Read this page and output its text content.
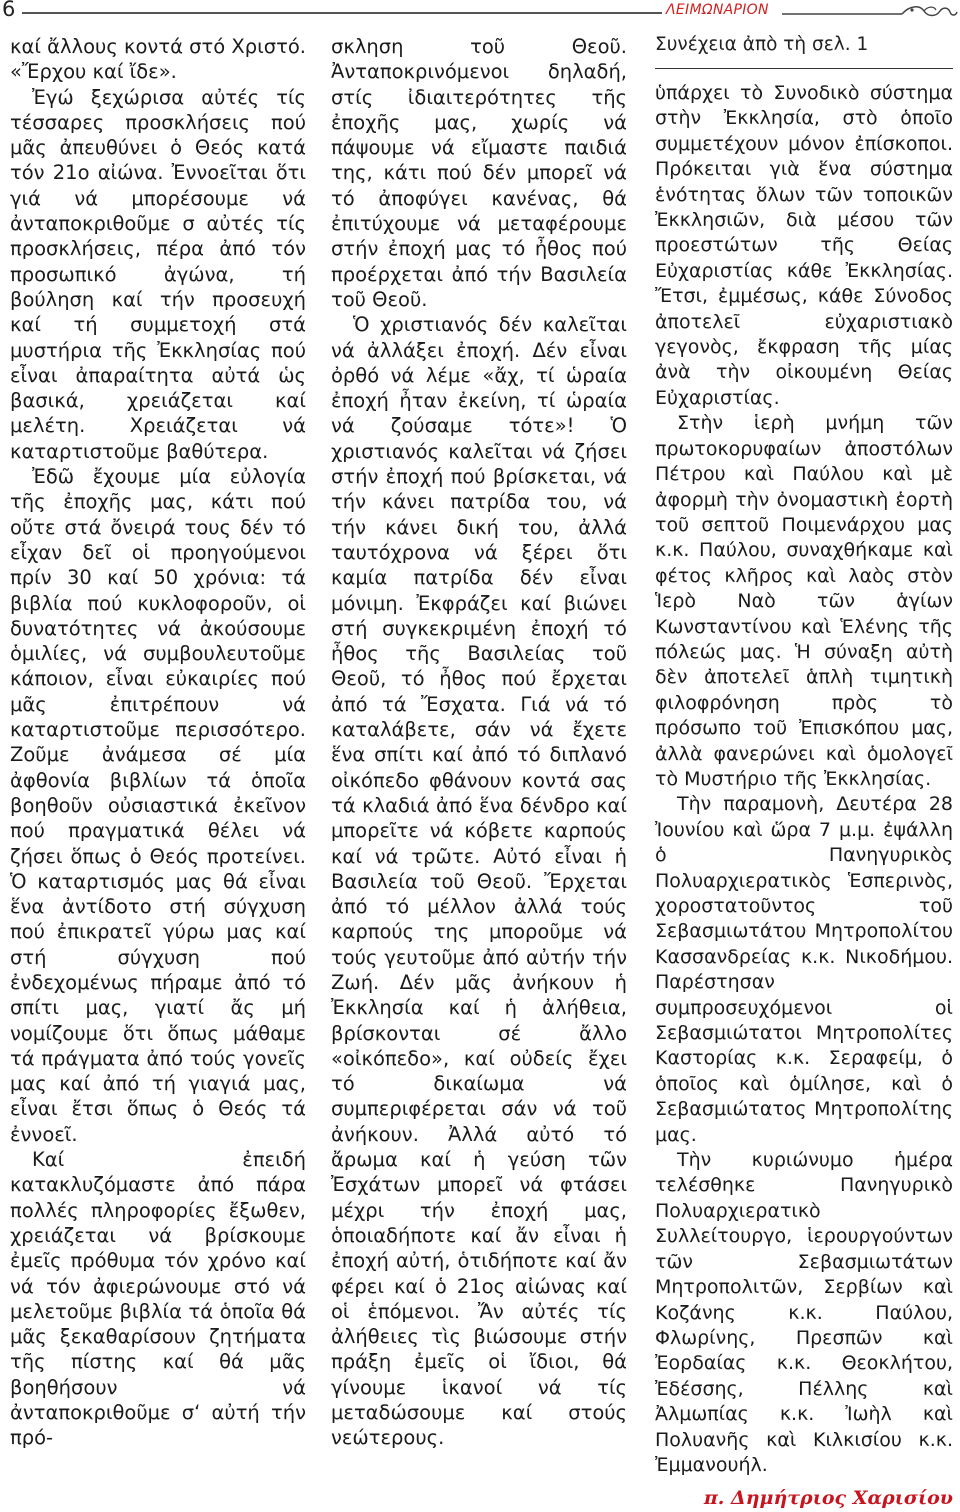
6	ΛΕΙΜΩΝΑΡΙΟΝ

καί ἄλλους κοντά στό Χριστό. «Ἔρχου καί ἴδε».

Ἐγώ ξεχώρισα αὐτές τίς τέσσαρες προσκλήσεις πού μᾶς ἀπευθύνει ὁ Θεός κατά τόν 21ο αἰώνα. Ἐννοεῖται ὅτι γιά νά μπορέσουμε νά ἀνταποκριθοῦμε σ αὐτές τίς προσκλήσεις, πέρα ἀπό τόν προσωπικό ἀγώνα, τή βούληση καί τήν προσευχή καί τή συμμετοχή στά μυστήρια τῆς Ἐκκλησίας πού εἶναι ἀπαραίτητα αὐτά ὡς βασικά, χρειάζεται καί μελέτη. Χρειάζεται νά καταρτιστοῦμε βαθύτερα.

Ἐδῶ ἔχουμε μία εὐλογία τῆς ἐποχῆς μας, κάτι πού οὔτε στά ὄνειρά τους δέν τό εἶχαν δεῖ οἱ προηγούμενοι πρίν 30 καί 50 χρόνια: τά βιβλία πού κυκλοφοροῦν, οἱ δυνατότητες νά ἀκούσουμε ὁμιλίες, νά συμβουλευτοῦμε κάποιον, εἶναι εὐκαιρίες πού μᾶς ἐπιτρέπουν νά καταρτιστοῦμε περισσότερο. Ζοῦμε ἀνάμεσα σέ μία ἀφθονία βιβλίων τά ὁποῖα βοηθοῦν οὐσιαστικά ἐκεῖνον πού πραγματικά θέλει νά ζήσει ὅπως ὁ Θεός προτείνει. Ὁ καταρτισμός μας θά εἶναι ἕνα ἀντίδοτο στή σύγχυση πού ἐπικρατεῖ γύρω μας καί στή σύγχυση πού ἐνδεχομένως πήραμε ἀπό τό σπίτι μας, γιατί ἄς μή νομίζουμε ὅτι ὅπως μάθαμε τά πράγματα ἀπό τούς γονεῖς μας καί ἀπό τή γιαγιά μας, εἶναι ἔτσι ὅπως ὁ Θεός τά ἐννοεῖ.

Καί ἐπειδή κατακλυζόμαστε ἀπό πάρα πολλές πληροφορίες ἔξωθεν, χρειάζεται νά βρίσκουμε ἐμεῖς πρόθυμα τόν χρόνο καί νά τόν ἀφιερώνουμε στό νά μελετοῦμε βιβλία τά ὁποῖα θά μᾶς ξεκαθαρίσουν ζητήματα τῆς πίστης καί θά μᾶς βοηθήσουν νά ἀνταποκριθοῦμε σ‘ αὐτή τήν πρό-

σκληση τοῦ Θεοῦ. Ἀνταποκρινόμενοι δηλαδή, στίς ἰδιαιτερότητες τῆς ἐποχῆς μας, χωρίς νά πάψουμε νά εἴμαστε παιδιά της, κάτι πού δέν μπορεῖ νά τό ἀποφύγει κανένας, θά ἐπιτύχουμε νά μεταφέρουμε στήν ἐποχή μας τό ἦθος πού προέρχεται ἀπό τήν Βασιλεία τοῦ Θεοῦ.

Ὁ χριστιανός δέν καλεῖται νά ἀλλάξει ἐποχή. Δέν εἶναι ὀρθό νά λέμε «ἄχ, τί ὡραία ἐποχή ἦταν ἐκείνη, τί ὡραία νά ζούσαμε τότε»! Ὁ χριστιανός καλεῖται νά ζήσει στήν ἐποχή πού βρίσκεται, νά τήν κάνει πατρίδα του, νά τήν κάνει δική του, ἀλλά ταυτόχρονα νά ξέρει ὅτι καμία πατρίδα δέν εἶναι μόνιμη. Ἐκφράζει καί βιώνει στή συγκεκριμένη ἐποχή τό ἦθος τῆς Βασιλείας τοῦ Θεοῦ, τό ἦθος πού ἔρχεται ἀπό τά Ἔσχατα. Γιά νά τό καταλάβετε, σάν νά ἔχετε ἕνα σπίτι καί ἀπό τό διπλανό οἰκόπεδο φθάνουν κοντά σας τά κλαδιά ἀπό ἕνα δένδρο καί μπορεῖτε νά κόβετε καρπούς καί νά τρῶτε. Αὐτό εἶναι ἡ Βασιλεία τοῦ Θεοῦ. Ἔρχεται ἀπό τό μέλλον ἀλλά τούς καρπούς της μποροῦμε νά τούς γευτοῦμε ἀπό αὐτήν τήν Ζωή. Δέν μᾶς ἀνήκουν ἡ Ἐκκλησία καί ἡ ἀλήθεια, βρίσκονται σέ ἄλλο «οἰκόπεδο», καί οὐδείς ἔχει τό δικαίωμα νά συμπεριφέρεται σάν νά τοῦ ἀνήκουν. Ἀλλά αὐτό τό ἄρωμα καί ἡ γεύση τῶν Ἐσχάτων μπορεῖ νά φτάσει μέχρι τήν ἐποχή μας, ὁποιαδήποτε καί ἄν εἶναι ἡ ἐποχή αὐτή, ὁτιδήποτε καί ἄν φέρει καί ὁ 21ος αἰώνας καί οἱ ἑπόμενοι. Ἄν αὐτές τίς ἀλήθειες τὶς βιώσουμε στήν πράξη ἐμεῖς οἱ ἴδιοι, θά γίνουμε ἱκανοί νά τίς μεταδώσουμε καί στούς νεώτερους.

Συνέχεια ἀπὸ τὴ σελ. 1

ὑπάρχει τὸ Συνοδικὸ σύστημα στὴν Ἐκκλησία, στὸ ὁποῖο συμμετέχουν μόνον ἐπίσκοποι. Πρόκειται γιὰ ἕνα σύστημα ἑνότητας ὅλων τῶν τοποικῶν Ἐκκλησιῶν, διὰ μέσου τῶν προεστώτων τῆς Θείας Εὐχαριστίας κάθε Ἐκκλησίας. Ἔτσι, ἐμμέσως, κάθε Σύνοδος ἀποτελεῖ εὐχαριστιακὸ γεγονὸς, ἔκφραση τῆς μίας ἀνὰ τὴν οἰκουμένη Θείας Εὐχαριστίας.

Στὴν ἱερὴ μνήμη τῶν πρωτοκορυφαίων ἀποστόλων Πέτρου καὶ Παύλου καὶ μὲ ἀφορμὴ τὴν ὀνομαστικὴ ἑορτὴ τοῦ σεπτοῦ Ποιμενάρχου μας κ.κ. Παύλου, συναχθήκαμε καὶ φέτος κλῆρος καὶ λαὸς στὸν Ἱερὸ Ναὸ τῶν ἁγίων Κωνσταντίνου καὶ Ἑλένης τῆς πόλεώς μας. Ἡ σύναξη αὐτὴ δὲν ἀποτελεῖ ἁπλὴ τιμητικὴ φιλοφρόνηση πρὸς τὸ πρόσωπο τοῦ Ἐπισκόπου μας, ἀλλὰ φανερώνει καὶ ὁμολογεῖ τὸ Μυστήριο τῆς Ἐκκλησίας.

Τὴν παραμονὴ, Δευτέρα 28 Ἰουνίου καὶ ὥρα 7 μ.μ. ἐψάλλη ὁ Πανηγυρικὸς Πολυαρχιερατικὸς Ἑσπερινὸς, χοροστατοῦντος τοῦ Σεβασμιωτάτου Μητροπολίτου Κασσανδρείας κ.κ. Νικοδήμου. Παρέστησαν συμπροσευχόμενοι οἱ Σεβασμιώτατοι Μητροπολίτες Καστορίας κ.κ. Σεραφείμ, ὁ ὁποῖος καὶ ὁμίλησε, καὶ ὁ Σεβασμιώτατος Μητροπολίτης μας.

Τὴν κυριώνυμο ἡμέρα τελέσθηκε Πανηγυρικὸ Πολυαρχιερατικὸ Συλλείτουργο, ἱερουργούντων τῶν Σεβασμιωτάτων Μητροπολιτῶν, Σερβίων καὶ Κοζάνης κ.κ. Παύλου, Φλωρίνης, Πρεσπῶν καὶ Ἐορδαίας κ.κ. Θεοκλήτου, Ἐδέσσης, Πέλλης καὶ Ἀλμωπίας κ.κ. Ἰωὴλ καὶ Πολυανῆς καὶ Κιλκισίου κ.κ. Ἐμμανουήλ.

π. Δημήτριος Χαρισίου
